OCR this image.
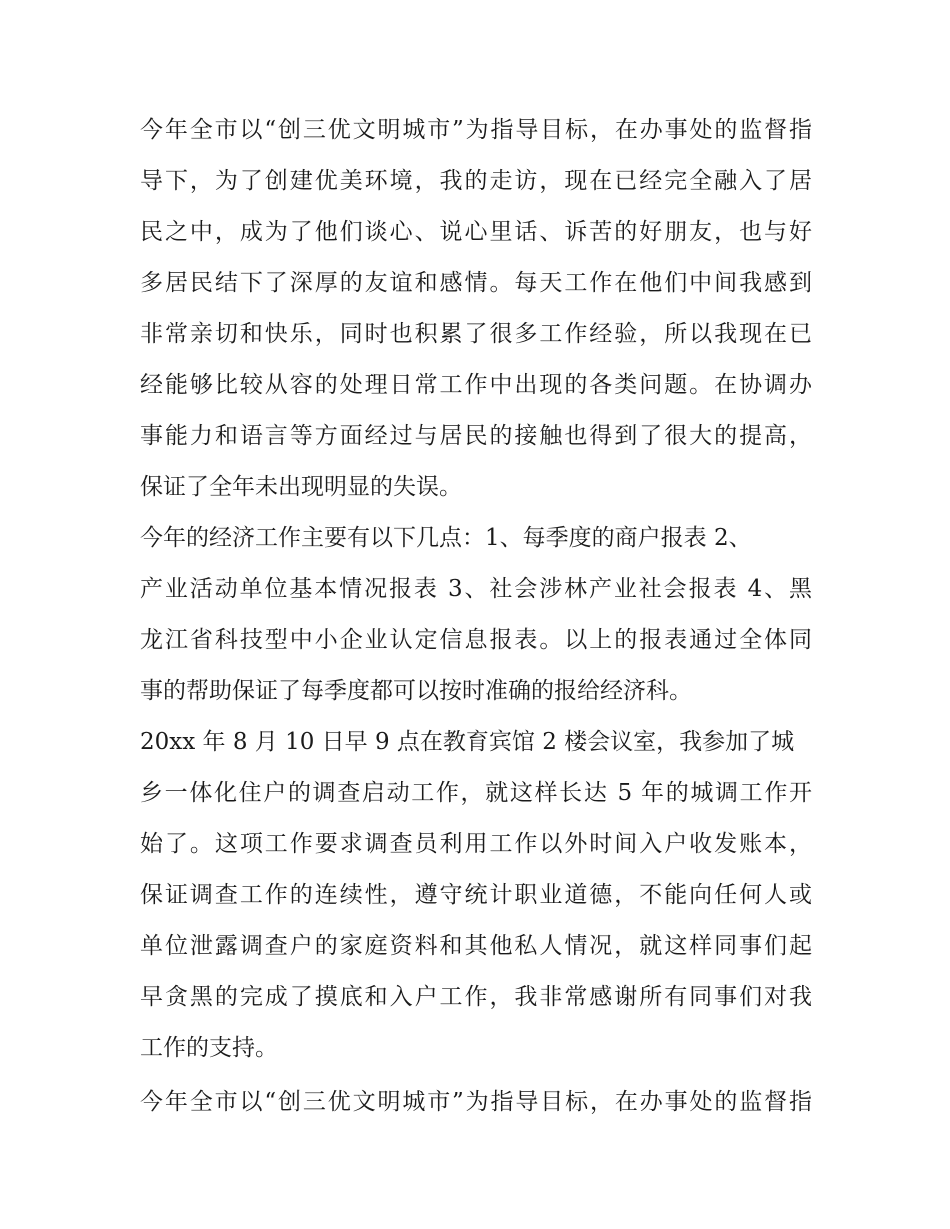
今年全市以“创三优文明城市”为指导目标，在办事处的监督指
导下，为了创建优美环境，我的走访，现在已经完全融入了居
民之中，成为了他们谈心、说心里话、诉苦的好朋友，也与好
多居民结下了深厚的友谊和感情。每天工作在他们中间我感到
非常亲切和快乐，同时也积累了很多工作经验，所以我现在已
经能够比较从容的处理日常工作中出现的各类问题。在协调办
事能力和语言等方面经过与居民的接触也得到了很大的提高，
保证了全年未出现明显的失误。
今年的经济工作主要有以下几点：1、每季度的商户报表 2、
产业活动单位基本情况报表 3、社会涉林产业社会报表 4、黑
龙江省科技型中小企业认定信息报表。以上的报表通过全体同
事的帮助保证了每季度都可以按时准确的报给经济科。
20xx 年 8 月 10 日早 9 点在教育宾馆 2 楼会议室，我参加了城
乡一体化住户的调查启动工作，就这样长达 5 年的城调工作开
始了。这项工作要求调查员利用工作以外时间入户收发账本，
保证调查工作的连续性，遵守统计职业道德，不能向任何人或
单位泄露调查户的家庭资料和其他私人情况，就这样同事们起
早贪黑的完成了摸底和入户工作，我非常感谢所有同事们对我
工作的支持。
今年全市以“创三优文明城市”为指导目标，在办事处的监督指
